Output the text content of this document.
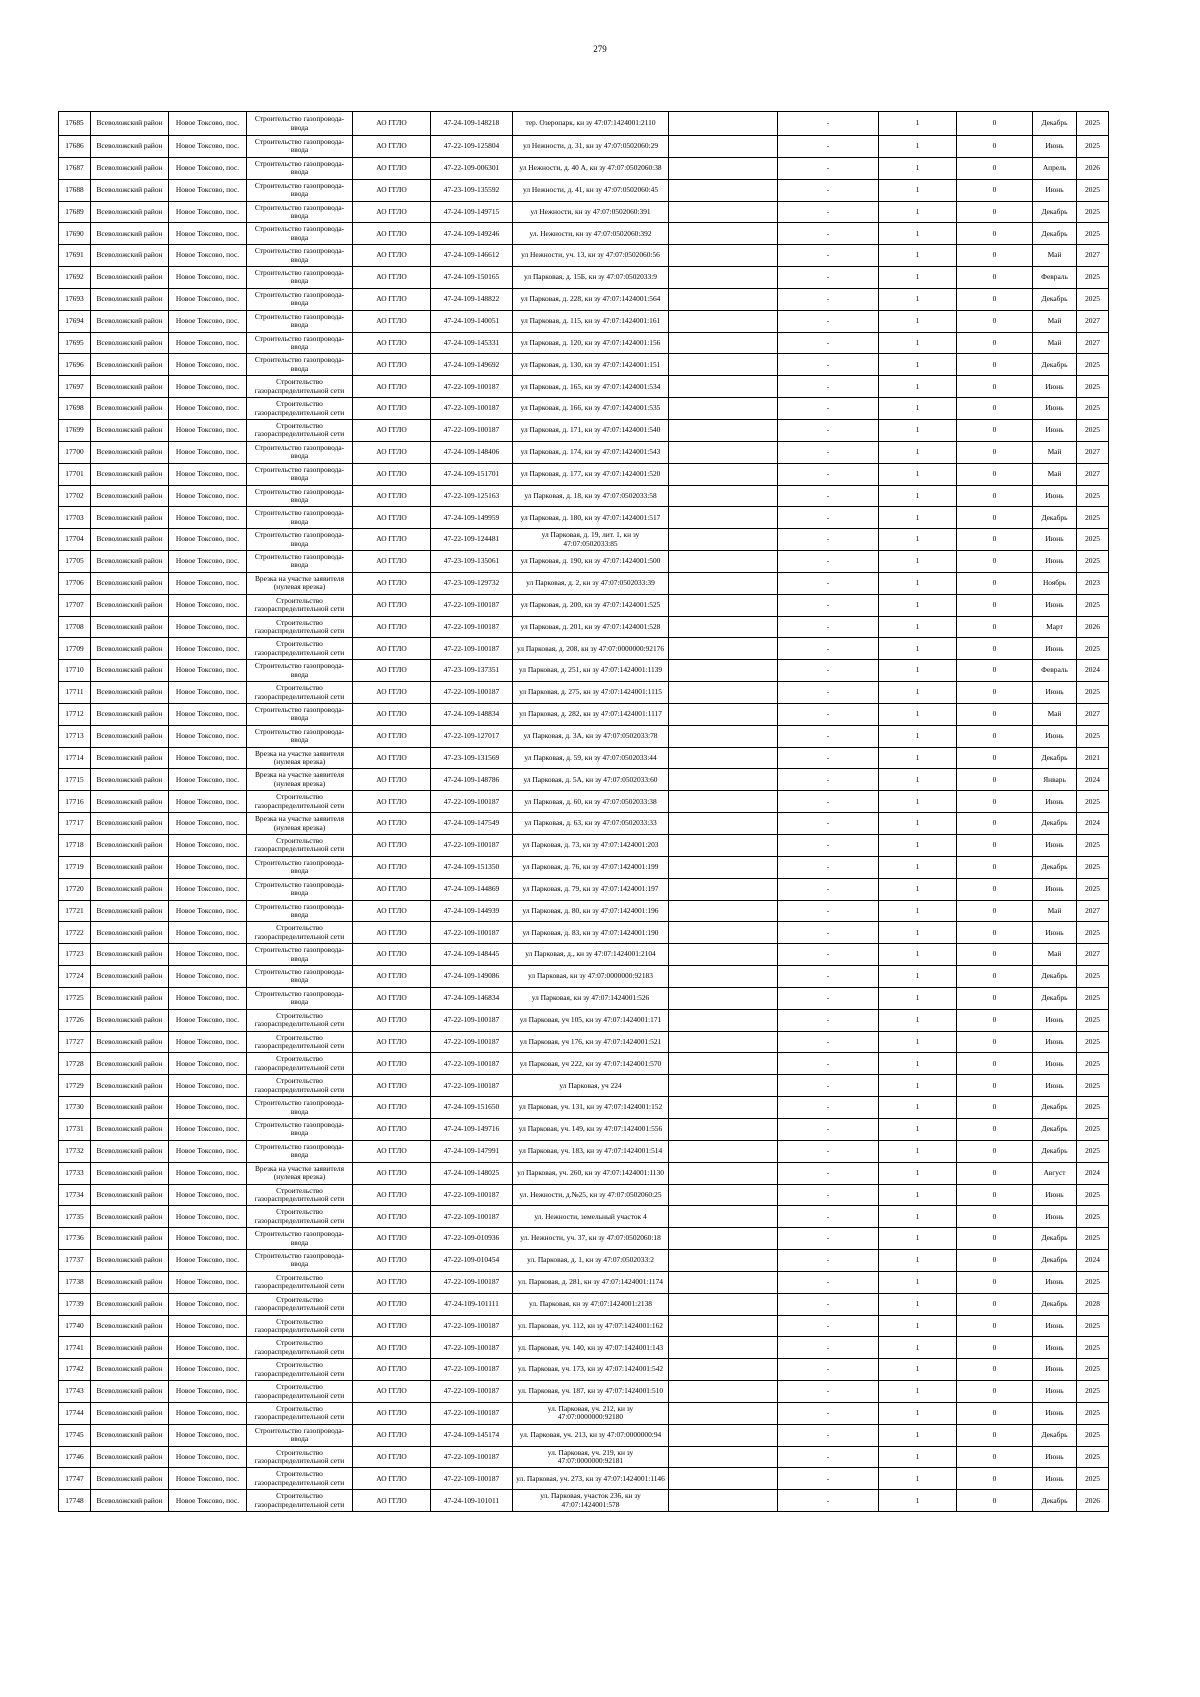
279
17685	Всеволожский район	Новое Токсово, пос.	Строительство газопровода-ввода	АО ГГЛО	47-24-109-148218	тер. Озеропарк, кн зу 47:07:1424001:2110		-	1	0	Декабрь	2025
17686	Всеволожский район	Новое Токсово, пос.	Строительство газопровода-ввода	АО ГГЛО	47-22-109-125804	ул Нежности, д. 31, кн зу 47:07:0502060:29		-	1	0	Июнь	2025
17687	Всеволожский район	Новое Токсово, пос.	Строительство газопровода-ввода	АО ГГЛО	47-22-109-006301	ул Нежности, д. 40 А, кн зу 47:07:0502060:38		-	1	0	Апрель	2026
17688	Всеволожский район	Новое Токсово, пос.	Строительство газопровода-ввода	АО ГГЛО	47-23-109-135592	ул Нежности, д. 41, кн зу 47:07:0502060:45		-	1	0	Июнь	2025
17689	Всеволожский район	Новое Токсово, пос.	Строительство газопровода-ввода	АО ГГЛО	47-24-109-149715	ул Нежности, кн зу 47:07:0502060:391		-	1	0	Декабрь	2025
17690	Всеволожский район	Новое Токсово, пос.	Строительство газопровода-ввода	АО ГГЛО	47-24-109-149246	ул. Нежности, кн зу 47:07:0502060:392		-	1	0	Декабрь	2025
17691	Всеволожский район	Новое Токсово, пос.	Строительство газопровода-ввода	АО ГГЛО	47-24-109-146612	ул Нежности, уч. 13, кн зу 47:07:0502060:56		-	1	0	Май	2027
17692	Всеволожский район	Новое Токсово, пос.	Строительство газопровода-ввода	АО ГГЛО	47-24-109-150165	ул Парковая, д. 15Б, кн зу 47:07:0502033:9		-	1	0	Февраль	2025
17693	Всеволожский район	Новое Токсово, пос.	Строительство газопровода-ввода	АО ГГЛО	47-24-109-148822	ул Парковая, д. 228, кн зу 47:07:1424001:564		-	1	0	Декабрь	2025
17694	Всеволожский район	Новое Токсово, пос.	Строительство газопровода-ввода	АО ГГЛО	47-24-109-140051	ул Парковая, д. 115, кн зу 47:07:1424001:161		-	1	0	Май	2027
17695	Всеволожский район	Новое Токсово, пос.	Строительство газопровода-ввода	АО ГГЛО	47-24-109-145331	ул Парковая, д. 120, кн зу 47:07:1424001:156		-	1	0	Май	2027
17696	Всеволожский район	Новое Токсово, пос.	Строительство газопровода-ввода	АО ГГЛО	47-24-109-149692	ул Парковая, д. 130, кн зу 47:07:1424001:151		-	1	0	Декабрь	2025
17697	Всеволожский район	Новое Токсово, пос.	Строительство газораспределительной сети	АО ГГЛО	47-22-109-100187	ул Парковая, д. 165, кн зу 47:07:1424001:534		-	1	0	Июнь	2025
17698	Всеволожский район	Новое Токсово, пос.	Строительство газораспределительной сети	АО ГГЛО	47-22-109-100187	ул Парковая, д. 166, кн зу 47:07:1424001:535		-	1	0	Июнь	2025
17699	Всеволожский район	Новое Токсово, пос.	Строительство газораспределительной сети	АО ГГЛО	47-22-109-100187	ул Парковая, д. 171, кн зу 47:07:1424001:540		-	1	0	Июнь	2025
17700	Всеволожский район	Новое Токсово, пос.	Строительство газопровода-ввода	АО ГГЛО	47-24-109-148406	ул Парковая, д. 174, кн зу 47:07:1424001:543		-	1	0	Май	2027
17701	Всеволожский район	Новое Токсово, пос.	Строительство газопровода-ввода	АО ГГЛО	47-24-109-151701	ул Парковая, д. 177, кн зу 47:07:1424001:520		-	1	0	Май	2027
17702	Всеволожский район	Новое Токсово, пос.	Строительство газопровода-ввода	АО ГГЛО	47-22-109-125163	ул Парковая, д. 18, кн зу 47:07:0502033:58		-	1	0	Июнь	2025
17703	Всеволожский район	Новое Токсово, пос.	Строительство газопровода-ввода	АО ГГЛО	47-24-109-149959	ул Парковая, д. 180, кн зу 47:07:1424001:517		-	1	0	Декабрь	2025
17704	Всеволожский район	Новое Токсово, пос.	Строительство газопровода-ввода	АО ГГЛО	47-22-109-124481	ул Парковая, д. 19, лит. 1, кн зу 47:07:0502033:85		-	1	0	Июнь	2025
17705	Всеволожский район	Новое Токсово, пос.	Строительство газопровода-ввода	АО ГГЛО	47-23-109-135061	ул Парковая, д. 190, кн зу 47:07:1424001:500		-	1	0	Июнь	2025
17706	Всеволожский район	Новое Токсово, пос.	Врезка на участке заявителя (нулевая врезка)	АО ГГЛО	47-23-109-129732	ул Парковая, д. 2, кн зу 47:07:0502033:39		-	1	0	Ноябрь	2023
17707	Всеволожский район	Новое Токсово, пос.	Строительство газораспределительной сети	АО ГГЛО	47-22-109-100187	ул Парковая, д. 200, кн зу 47:07:1424001:525		-	1	0	Июнь	2025
17708	Всеволожский район	Новое Токсово, пос.	Строительство газораспределительной сети	АО ГГЛО	47-22-109-100187	ул Парковая, д. 201, кн зу 47:07:1424001:528		-	1	0	Март	2026
17709	Всеволожский район	Новое Токсово, пос.	Строительство газораспределительной сети	АО ГГЛО	47-22-109-100187	ул Парковая, д. 208, кн зу 47:07:0000000:92176		-	1	0	Июнь	2025
17710	Всеволожский район	Новое Токсово, пос.	Строительство газопровода-ввода	АО ГГЛО	47-23-109-137351	ул Парковая, д. 251, кн зу 47:07:1424001:1139		-	1	0	Февраль	2024
17711	Всеволожский район	Новое Токсово, пос.	Строительство газораспределительной сети	АО ГГЛО	47-22-109-100187	ул Парковая, д. 275, кн зу 47:07:1424001:1115		-	1	0	Июнь	2025
17712	Всеволожский район	Новое Токсово, пос.	Строительство газопровода-ввода	АО ГГЛО	47-24-109-148834	ул Парковая, д. 282, кн зу 47:07:1424001:1117		-	1	0	Май	2027
17713	Всеволожский район	Новое Токсово, пос.	Строительство газопровода-ввода	АО ГГЛО	47-22-109-127017	ул Парковая, д. 3А, кн зу 47:07:0502033:78		-	1	0	Июнь	2025
17714	Всеволожский район	Новое Токсово, пос.	Врезка на участке заявителя (нулевая врезка)	АО ГГЛО	47-23-109-131569	ул Парковая, д. 59, кн зу 47:07:0502033:44		-	1	0	Декабрь	2021
17715	Всеволожский район	Новое Токсово, пос.	Врезка на участке заявителя (нулевая врезка)	АО ГГЛО	47-24-109-148786	ул Парковая, д. 5А, кн зу 47:07:0502033:60		-	1	0	Январь	2024
17716	Всеволожский район	Новое Токсово, пос.	Строительство газораспределительной сети	АО ГГЛО	47-22-109-100187	ул Парковая, д. 60, кн зу 47:07:0502033:38		-	1	0	Июнь	2025
17717	Всеволожский район	Новое Токсово, пос.	Врезка на участке заявителя (нулевая врезка)	АО ГГЛО	47-24-109-147549	ул Парковая, д. 63, кн зу 47:07:0502033:33		-	1	0	Декабрь	2024
17718	Всеволожский район	Новое Токсово, пос.	Строительство газораспределительной сети	АО ГГЛО	47-22-109-100187	ул Парковая, д. 73, кн зу 47:07:1424001:203		-	1	0	Июнь	2025
17719	Всеволожский район	Новое Токсово, пос.	Строительство газопровода-ввода	АО ГГЛО	47-24-109-151350	ул Парковая, д. 76, кн зу 47:07:1424001:199		-	1	0	Декабрь	2025
17720	Всеволожский район	Новое Токсово, пос.	Строительство газопровода-ввода	АО ГГЛО	47-24-109-144869	ул Парковая, д. 79, кн зу 47:07:1424001:197		-	1	0	Июнь	2025
17721	Всеволожский район	Новое Токсово, пос.	Строительство газопровода-ввода	АО ГГЛО	47-24-109-144939	ул Парковая, д. 80, кн зу 47:07:1424001:196		-	1	0	Май	2027
17722	Всеволожский район	Новое Токсово, пос.	Строительство газораспределительной сети	АО ГГЛО	47-22-109-100187	ул Парковая, д. 83, кн зу 47:07:1424001:190		-	1	0	Июнь	2025
17723	Всеволожский район	Новое Токсово, пос.	Строительство газопровода-ввода	АО ГГЛО	47-24-109-148445	ул Парковая, д., кн зу 47:07:1424001:2104		-	1	0	Май	2027
17724	Всеволожский район	Новое Токсово, пос.	Строительство газопровода-ввода	АО ГГЛО	47-24-109-149086	ул Парковая, кн зу 47:07:0000000:92183		-	1	0	Декабрь	2025
17725	Всеволожский район	Новое Токсово, пос.	Строительство газопровода-ввода	АО ГГЛО	47-24-109-146834	ул Парковая, кн зу 47:07:1424001:526		-	1	0	Декабрь	2025
17726	Всеволожский район	Новое Токсово, пос.	Строительство газораспределительной сети	АО ГГЛО	47-22-109-100187	ул Парковая, уч 105, кн зу 47:07:1424001:171		-	1	0	Июнь	2025
17727	Всеволожский район	Новое Токсово, пос.	Строительство газораспределительной сети	АО ГГЛО	47-22-109-100187	ул Парковая, уч 176, кн зу 47:07:1424001:521		-	1	0	Июнь	2025
17728	Всеволожский район	Новое Токсово, пос.	Строительство газораспределительной сети	АО ГГЛО	47-22-109-100187	ул Парковая, уч 222, кн зу 47:07:1424001:570		-	1	0	Июнь	2025
17729	Всеволожский район	Новое Токсово, пос.	Строительство газораспределительной сети	АО ГГЛО	47-22-109-100187	ул Парковая, уч 224		-	1	0	Июнь	2025
17730	Всеволожский район	Новое Токсово, пос.	Строительство газопровода-ввода	АО ГГЛО	47-24-109-151650	ул Парковая, уч. 131, кн зу 47:07:1424001:152		-	1	0	Декабрь	2025
17731	Всеволожский район	Новое Токсово, пос.	Строительство газопровода-ввода	АО ГГЛО	47-24-109-149716	ул Парковая, уч. 149, кн зу 47:07:1424001:556		-	1	0	Декабрь	2025
17732	Всеволожский район	Новое Токсово, пос.	Строительство газопровода-ввода	АО ГГЛО	47-24-109-147991	ул Парковая, уч. 183, кн зу 47:07:1424001:514		-	1	0	Декабрь	2025
17733	Всеволожский район	Новое Токсово, пос.	Врезка на участке заявителя (нулевая врезка)	АО ГГЛО	47-24-109-148025	ул Парковая, уч. 260, кн зу 47:07:1424001:1130		-	1	0	Август	2024
17734	Всеволожский район	Новое Токсово, пос.	Строительство газораспределительной сети	АО ГГЛО	47-22-109-100187	ул. Нежности, д.№25, кн зу 47:07:0502060:25		-	1	0	Июнь	2025
17735	Всеволожский район	Новое Токсово, пос.	Строительство газораспределительной сети	АО ГГЛО	47-22-109-100187	ул. Нежности, земельный участок 4		-	1	0	Июнь	2025
17736	Всеволожский район	Новое Токсово, пос.	Строительство газопровода-ввода	АО ГГЛО	47-22-109-010936	ул. Нежности, уч. 37, кн зу 47:07:0502060:18		-	1	0	Декабрь	2025
17737	Всеволожский район	Новое Токсово, пос.	Строительство газопровода-ввода	АО ГГЛО	47-22-109-010454	ул. Парковая, д. 1, кн зу 47:07:0502033:2		-	1	0	Декабрь	2024
17738	Всеволожский район	Новое Токсово, пос.	Строительство газораспределительной сети	АО ГГЛО	47-22-109-100187	ул. Парковая, д. 281, кн зу 47:07:1424001:1174		-	1	0	Июнь	2025
17739	Всеволожский район	Новое Токсово, пос.	Строительство газораспределительной сети	АО ГГЛО	47-24-109-101111	ул. Парковая, кн зу 47:07:1424001:2138		-	1	0	Декабрь	2028
17740	Всеволожский район	Новое Токсово, пос.	Строительство газораспределительной сети	АО ГГЛО	47-22-109-100187	ул. Парковая, уч. 112, кн зу 47:07:1424001:162		-	1	0	Июнь	2025
17741	Всеволожский район	Новое Токсово, пос.	Строительство газораспределительной сети	АО ГГЛО	47-22-109-100187	ул. Парковая, уч. 140, кн зу 47:07:1424001:143		-	1	0	Июнь	2025
17742	Всеволожский район	Новое Токсово, пос.	Строительство газораспределительной сети	АО ГГЛО	47-22-109-100187	ул. Парковая, уч. 173, кн зу 47:07:1424001:542		-	1	0	Июнь	2025
17743	Всеволожский район	Новое Токсово, пос.	Строительство газораспределительной сети	АО ГГЛО	47-22-109-100187	ул. Парковая, уч. 187, кн зу 47:07:1424001:510		-	1	0	Июнь	2025
17744	Всеволожский район	Новое Токсово, пос.	Строительство газораспределительной сети	АО ГГЛО	47-22-109-100187	ул. Парковая, уч. 212, кн зу 47:07:0000000:92180		-	1	0	Июнь	2025
17745	Всеволожский район	Новое Токсово, пос.	Строительство газопровода-ввода	АО ГГЛО	47-24-109-145174	ул. Парковая, уч. 213, кн зу 47:07:0000000:94		-	1	0	Декабрь	2025
17746	Всеволожский район	Новое Токсово, пос.	Строительство газораспределительной сети	АО ГГЛО	47-22-109-100187	ул. Парковая, уч. 219, кн зу 47:07:0000000:92181		-	1	0	Июнь	2025
17747	Всеволожский район	Новое Токсово, пос.	Строительство газораспределительной сети	АО ГГЛО	47-22-109-100187	ул. Парковая, уч. 273, кн зу 47:07:1424001:1146		-	1	0	Июнь	2025
17748	Всеволожский район	Новое Токсово, пос.	Строительство газораспределительной сети	АО ГГЛО	47-24-109-101011	ул. Парковая, участок 236, кн зу 47:07:1424001:578		-	1	0	Декабрь	2026
